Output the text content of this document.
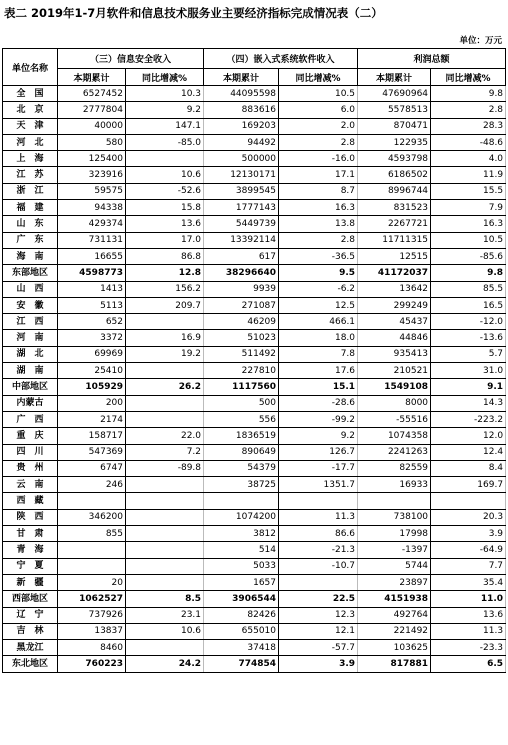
表二 2019年1-7月软件和信息技术服务业主要经济指标完成情况表（二）
单位：万元
单位名称	（三）信息安全收入		（四）嵌入式系统软件收入		利润总额	
	本期累计	同比增减%	本期累计	同比增减%	本期累计	同比增减%
全　国	6527452	10.3	44095598	10.5	47690964	9.8
北　京	2777804	9.2	883616	6.0	5578513	2.8
天　津	40000	147.1	169203	2.0	870471	28.3
河　北	580	-85.0	94492	2.8	122935	-48.6
上　海	125400		500000	-16.0	4593798	4.0
江　苏	323916	10.6	12130171	17.1	6186502	11.9
浙　江	59575	-52.6	3899545	8.7	8996744	15.5
福　建	94338	15.8	1777143	16.3	831523	7.9
山　东	429374	13.6	5449739	13.8	2267721	16.3
广　东	731131	17.0	13392114	2.8	11711315	10.5
海　南	16655	86.8	617	-36.5	12515	-85.6
东部地区	4598773	12.8	38296640	9.5	41172037	9.8
山　西	1413	156.2	9939	-6.2	13642	85.5
安　徽	5113	209.7	271087	12.5	299249	16.5
江　西	652		46209	466.1	45437	-12.0
河　南	3372	16.9	51023	18.0	44846	-13.6
湖　北	69969	19.2	511492	7.8	935413	5.7
湖　南	25410		227810	17.6	210521	31.0
中部地区	105929	26.2	1117560	15.1	1549108	9.1
内蒙古	200		500	-28.6	8000	14.3
广　西	2174		556	-99.2	-55516	-223.2
重　庆	158717	22.0	1836519	9.2	1074358	12.0
四　川	547369	7.2	890649	126.7	2241263	12.4
贵　州	6747	-89.8	54379	-17.7	82559	8.4
云　南	246		38725	1351.7	16933	169.7
西　藏						
陕　西	346200		1074200	11.3	738100	20.3
甘　肃	855		3812	86.6	17998	3.9
青　海			514	-21.3	-1397	-64.9
宁　夏			5033	-10.7	5744	7.7
新　疆	20		1657		23897	35.4
西部地区	1062527	8.5	3906544	22.5	4151938	11.0
辽　宁	737926	23.1	82426	12.3	492764	13.6
吉　林	13837	10.6	655010	12.1	221492	11.3
黑龙江	8460		37418	-57.7	103625	-23.3
东北地区	760223	24.2	774854	3.9	817881	6.5
